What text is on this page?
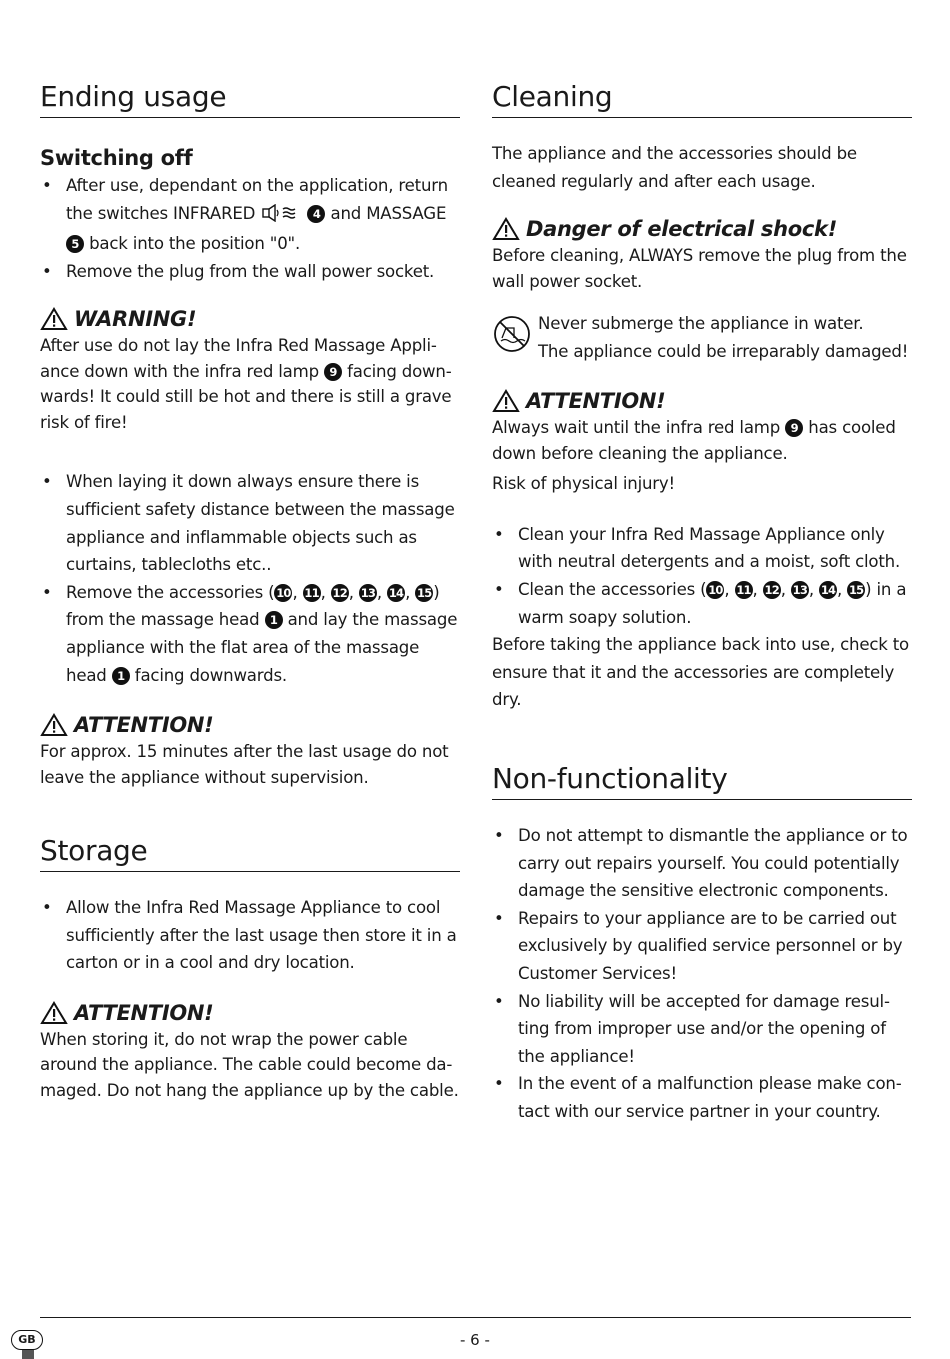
Ending usage
Switching off
• After use, dependant on the application, return the switches INFRARED	4 and MASSAGE 5 back into the position "0".
• Remove the plug from the wall power socket.
WARNING!

After use do not lay the Infra Red Massage Appli-ance down with the infra red lamp 9 facing down-wards! It could still be hot and there is still a grave risk of fire!

• When laying it down always ensure there is sufficient safety distance between the massage appliance and inflammable objects such as curtains, tablecloths etc..
• Remove the accessories ( 10 , 11 , 12 , 13 , 14 , 15 ) from the massage head 1 and lay the massage appliance with the flat area of the massage head 1 facing downwards.
ATTENTION!

For approx. 15 minutes after the last usage do not leave the appliance without supervision.

Storage
• Allow the Infra Red Massage Appliance to cool sufficiently after the last usage then store it in a carton or in a cool and dry location.
ATTENTION!

When storing it, do not wrap the power cable around the appliance. The cable could become da-maged. Do not hang the appliance up by the cable.

Cleaning

The appliance and the accessories should be cleaned regularly and after each usage.

Danger of electrical shock!

Before cleaning, ALWAYS remove the plug from the wall power socket.

Never submerge the appliance in water.

The appliance could be irreparably damaged!

ATTENTION!

Always wait until the infra red lamp 9 has cooled down before cleaning the appliance.

Risk of physical injury!

• Clean your Infra Red Massage Appliance only with neutral detergents and a moist, soft cloth.
• Clean the accessories ( 10 , 11 , 12 , 13 , 14 , 15 ) in a warm soapy solution.

Before taking the appliance back into use, check to ensure that it and the accessories are completely dry.

Non-functionality
• Do not attempt to dismantle the appliance or to carry out repairs yourself. You could potentially damage the sensitive electronic components.
• Repairs to your appliance are to be carried out exclusively by qualified service personnel or by Customer Services!
• No liability will be accepted for damage resul-ting from improper use and/or the opening of the appliance!
• In the event of a malfunction please make con-tact with our service partner in your country.
GB	- 6 -
